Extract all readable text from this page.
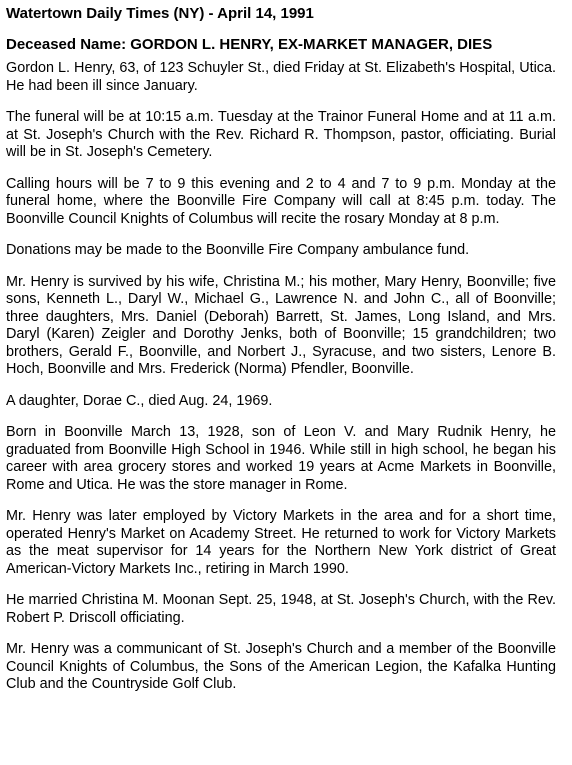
Watertown Daily Times (NY) - April 14, 1991
Deceased Name: GORDON L. HENRY, EX-MARKET MANAGER, DIES
Gordon L. Henry, 63, of 123 Schuyler St., died Friday at St. Elizabeth's Hospital, Utica. He had been ill since January.
The funeral will be at 10:15 a.m. Tuesday at the Trainor Funeral Home and at 11 a.m. at St. Joseph's Church with the Rev. Richard R. Thompson, pastor, officiating. Burial will be in St. Joseph's Cemetery.
Calling hours will be 7 to 9 this evening and 2 to 4 and 7 to 9 p.m. Monday at the funeral home, where the Boonville Fire Company will call at 8:45 p.m. today. The Boonville Council Knights of Columbus will recite the rosary Monday at 8 p.m.
Donations may be made to the Boonville Fire Company ambulance fund.
Mr. Henry is survived by his wife, Christina M.; his mother, Mary Henry, Boonville; five sons, Kenneth L., Daryl W., Michael G., Lawrence N. and John C., all of Boonville; three daughters, Mrs. Daniel (Deborah) Barrett, St. James, Long Island, and Mrs. Daryl (Karen) Zeigler and Dorothy Jenks, both of Boonville; 15 grandchildren; two brothers, Gerald F., Boonville, and Norbert J., Syracuse, and two sisters, Lenore B. Hoch, Boonville and Mrs. Frederick (Norma) Pfendler, Boonville.
A daughter, Dorae C., died Aug. 24, 1969.
Born in Boonville March 13, 1928, son of Leon V. and Mary Rudnik Henry, he graduated from Boonville High School in 1946. While still in high school, he began his career with area grocery stores and worked 19 years at Acme Markets in Boonville, Rome and Utica. He was the store manager in Rome.
Mr. Henry was later employed by Victory Markets in the area and for a short time, operated Henry's Market on Academy Street. He returned to work for Victory Markets as the meat supervisor for 14 years for the Northern New York district of Great American-Victory Markets Inc., retiring in March 1990.
He married Christina M. Moonan Sept. 25, 1948, at St. Joseph's Church, with the Rev. Robert P. Driscoll officiating.
Mr. Henry was a communicant of St. Joseph's Church and a member of the Boonville Council Knights of Columbus, the Sons of the American Legion, the Kafalka Hunting Club and the Countryside Golf Club.
